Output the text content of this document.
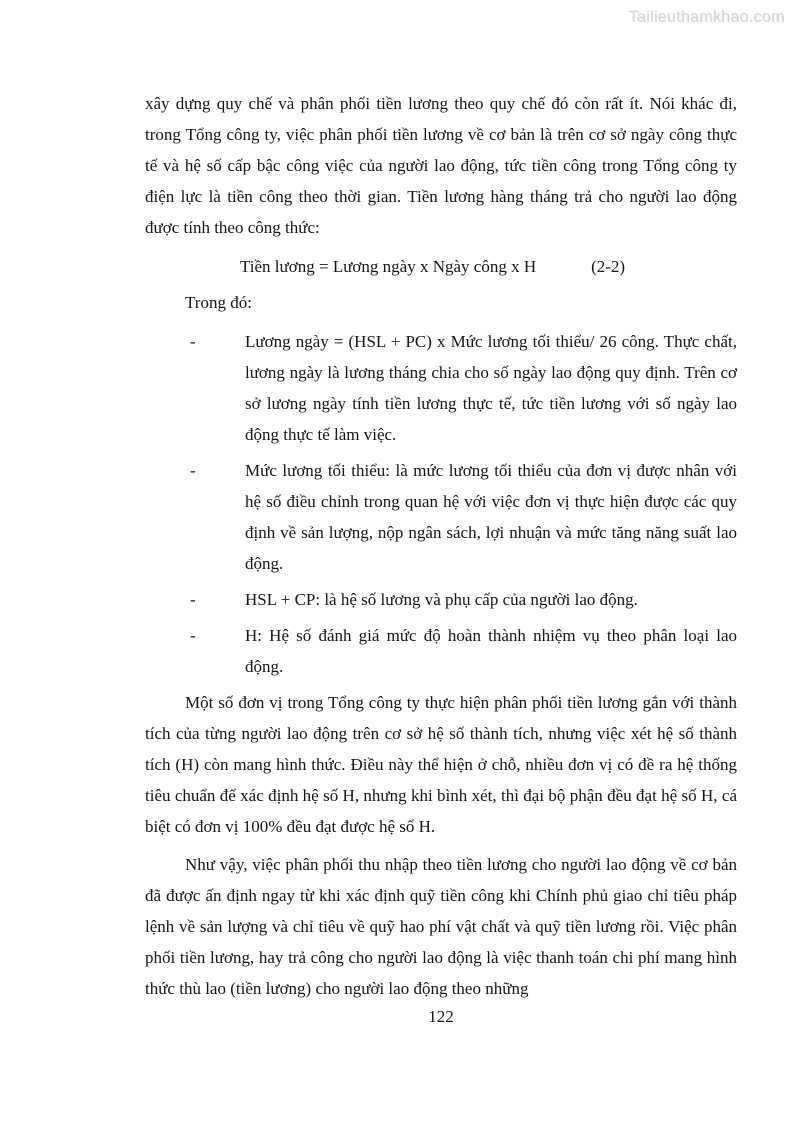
Tailieuthamkhao.com

xây dựng quy chế và phân phối tiền lương theo quy chế đó còn rất ít. Nói khác đi, trong Tổng công ty, việc phân phối tiền lương về cơ bản là trên cơ sở ngày công thực tế và hệ số cấp bậc công việc của người lao động, tức tiền công trong Tổng công ty điện lực là tiền công theo thời gian. Tiền lương hàng tháng trả cho người lao động được tính theo công thức:

Tiền lương = Lương ngày x Ngày công x H	(2-2)

Trong đó:

-	Lương ngày = (HSL + PC) x Mức lương tối thiểu/ 26 công. Thực chất, lương ngày là lương tháng chia cho số ngày lao động quy định. Trên cơ sở lương ngày tính tiền lương thực tế, tức tiền lương với số ngày lao động thực tế làm việc.
-	Mức lương tối thiểu: là mức lương tối thiểu của đơn vị được nhân với hệ số điều chỉnh trong quan hệ với việc đơn vị thực hiện được các quy định về sản lượng, nộp ngân sách, lợi nhuận và mức tăng năng suất lao động.
-	HSL + CP: là hệ số lương và phụ cấp của người lao động.
-	H: Hệ số đánh giá mức độ hoàn thành nhiệm vụ theo phân loại lao động.

Một số đơn vị trong Tổng công ty thực hiện phân phối tiền lương gắn với thành tích của từng người lao động trên cơ sở hệ số thành tích, nhưng việc xét hệ số thành tích (H) còn mang hình thức. Điều này thể hiện ở chỗ, nhiều đơn vị có đề ra hệ thống tiêu chuẩn để xác định hệ số H, nhưng khi bình xét, thì đại bộ phận đều đạt hệ số H, cá biệt có đơn vị 100% đều đạt được hệ số H.

Như vậy, việc phân phối thu nhập theo tiền lương cho người lao động về cơ bản đã được ấn định ngay từ khi xác định quỹ tiền công khi Chính phủ giao chỉ tiêu pháp lệnh về sản lượng và chỉ tiêu về quỹ hao phí vật chất và quỹ tiền lương rồi. Việc phân phối tiền lương, hay trả công cho người lao động là việc thanh toán chi phí mang hình thức thù lao (tiền lương) cho người lao động theo những

122
